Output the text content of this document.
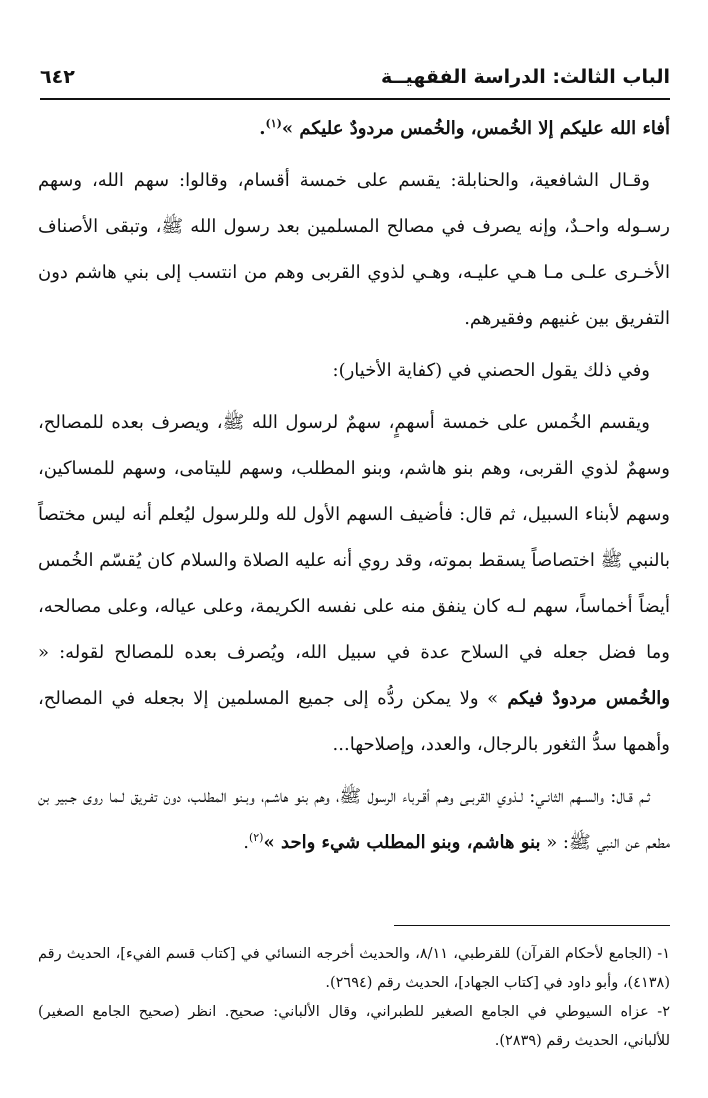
الباب الثالث: الدراسة الفقهيــة
٦٤٢

أفاء الله عليكم إلا الخُمس، والخُمس مردودٌ عليكم »$^{(١)}$.

وقـال الشافعية، والحنابلة: يقسم على خمسة أقسام، وقالوا: سهم الله، وسهم رسـوله واحـدٌ، وإنه يصرف في مصالح المسلمين بعد رسول الله ﷺ، وتبقى الأصناف الأخـرى علـى مـا هـي عليـه، وهـي لذوي القربى وهم من انتسب إلى بني هاشم دون التفريق بين غنيهم وفقيرهم.

وفي ذلك يقول الحصني في (كفاية الأخيار):

ويقسم الخُمس على خمسة أسهمٍ، سهمٌ لرسول الله ﷺ، ويصرف بعده للمصالح، وسهمٌ لذوي القربى، وهم بنو هاشم، وبنو المطلب، وسهم لليتامى، وسهم للمساكين، وسهم لأبناء السبيل، ثم قال: فأضيف السهم الأول لله وللرسول ليُعلم أنه ليس مختصاً بالنبي ﷺ اختصاصاً يسقط بموته، وقد روي أنه عليه الصلاة والسلام كان يُقسّم الخُمس أيضاً أخماساً، سهم لـه كان ينفق منه على نفسه الكريمة، وعلى عياله، وعلى مصالحه، وما فضل جعله في السلاح عدة في سبيل الله، ويُصرف بعده للمصالح لقوله: « والخُمس مردودٌ فيكم » ولا يمكن ردُّه إلى جميع المسلمين إلا بجعله في المصالح، وأهمها سدُّ الثغور بالرجال، والعدد، وإصلاحها...

ثـم قـال: والسـهم الثانـي: لـذوي القربـى وهـم أقـرباء الرسول ﷺ، وهم بنو هاشـم، وبـنو المطلـب، دون تفـريق لـما روى جـبير بن مطعم عن النبي ﷺ: « بنو هاشم، وبنو المطلب شيء واحد »$^{(٢)}$.

١- (الجامع لأحكام القرآن) للقرطبي، ٨/١١، والحديث أخرجه النسائي في [كتاب قسم الفيء]، الحديث رقم (٤١٣٨)، وأبو داود في [كتاب الجهاد]، الحديث رقم (٢٦٩٤).

٢- عزاه السيوطي في الجامع الصغير للطبراني، وقال الألباني: صحيح. انظر (صحيح الجامع الصغير) للألباني، الحديث رقم (٢٨٣٩).
